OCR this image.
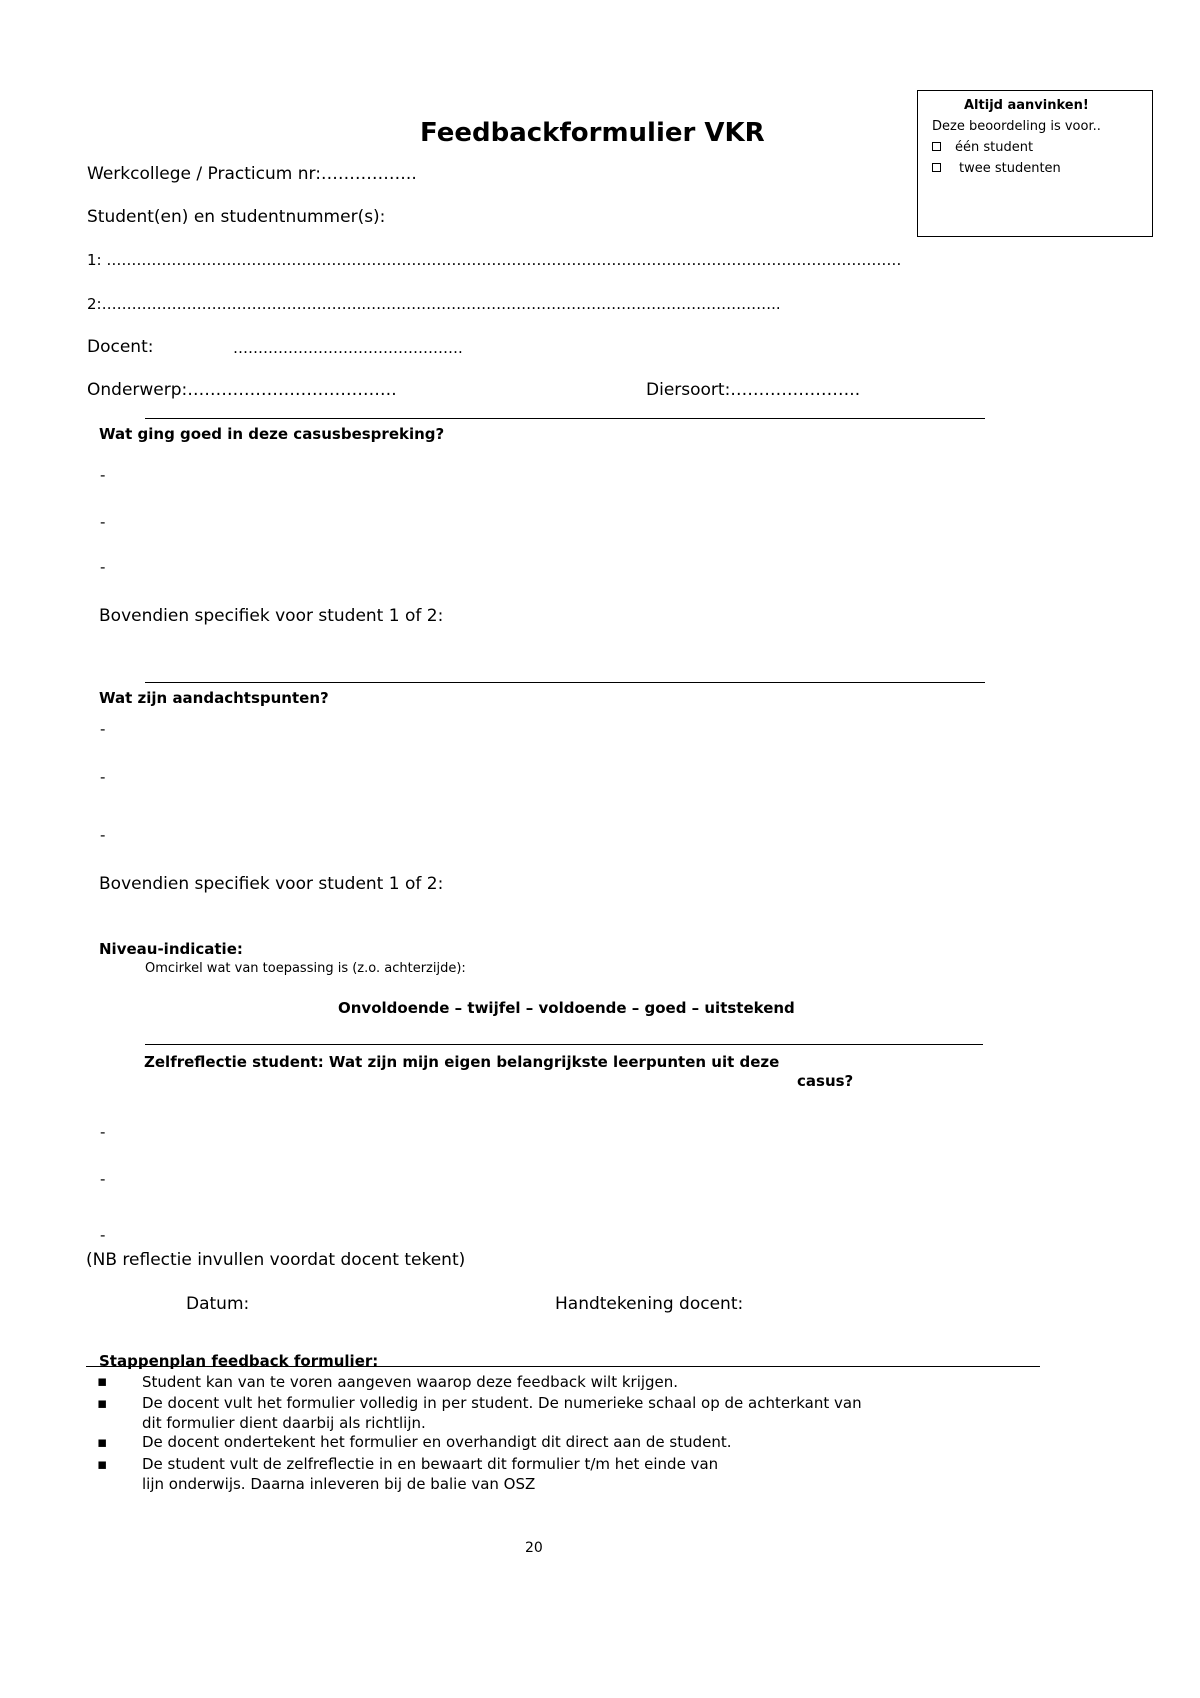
Feedbackformulier VKR
Altijd aanvinken!
Deze beoordeling is voor..
één student
twee studenten
Werkcollege / Practicum nr:……………..
Student(en) en studentnummer(s):
1: ……………………………………………………………………………………………………………………………………………
2:……………………………………………..………………………………………………………………………..
Docent:	……………………………………….
Onderwerp:……………………………….	Diersoort:…………………..
Wat ging goed in deze casusbespreking?
-
-
-
Bovendien specifiek voor student 1 of 2:
Wat zijn aandachtspunten?
-
-
-
Bovendien specifiek voor student 1 of 2:
Niveau-indicatie:
Omcirkel wat van toepassing is (z.o. achterzijde):
Onvoldoende – twijfel – voldoende – goed – uitstekend
Zelfreflectie student: Wat zijn mijn eigen belangrijkste leerpunten uit deze
casus?
-
-
-
(NB reflectie invullen voordat docent tekent)
Datum:	Handtekening docent:
Stappenplan feedback formulier:
▪ Student kan van te voren aangeven waarop deze feedback wilt krijgen.
▪ De docent vult het formulier volledig in per student. De numerieke schaal op de achterkant van
dit formulier dient daarbij als richtlijn.
▪ De docent ondertekent het formulier en overhandigt dit direct aan de student.
▪ De student vult de zelfreflectie in en bewaart dit formulier t/m het einde van
lijn onderwijs. Daarna inleveren bij de balie van OSZ
20
